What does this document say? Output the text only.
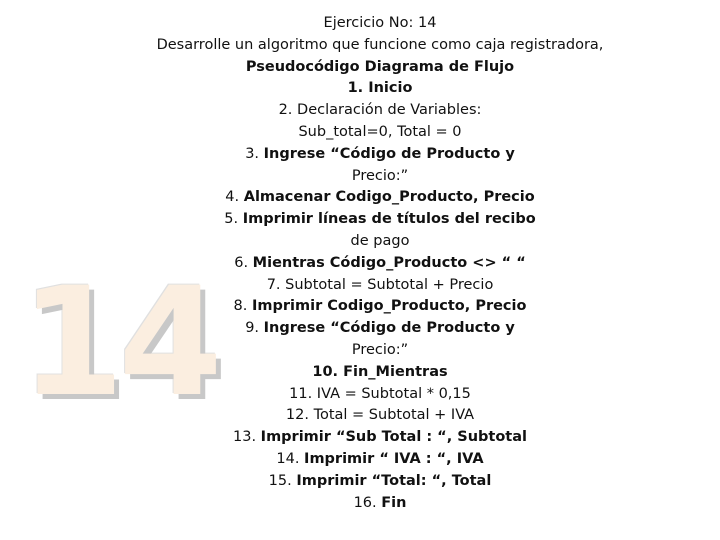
14
Ejercicio No: 14
Desarrolle un algoritmo que funcione como caja registradora,
Pseudocódigo Diagrama de Flujo
1. Inicio
2. Declaración de Variables:
Sub_total=0, Total = 0
3. Ingrese “Código de Producto y
Precio:”
4. Almacenar Codigo_Producto, Precio
5. Imprimir líneas de títulos del recibo
de pago
6. Mientras Código_Producto <> “ “
7. Subtotal = Subtotal + Precio
8. Imprimir Codigo_Producto, Precio
9. Ingrese “Código de Producto y
Precio:”
10. Fin_Mientras
11. IVA = Subtotal * 0,15
12. Total = Subtotal + IVA
13. Imprimir “Sub Total : “, Subtotal
14. Imprimir “ IVA : “, IVA
15. Imprimir “Total: “, Total
16. Fin
